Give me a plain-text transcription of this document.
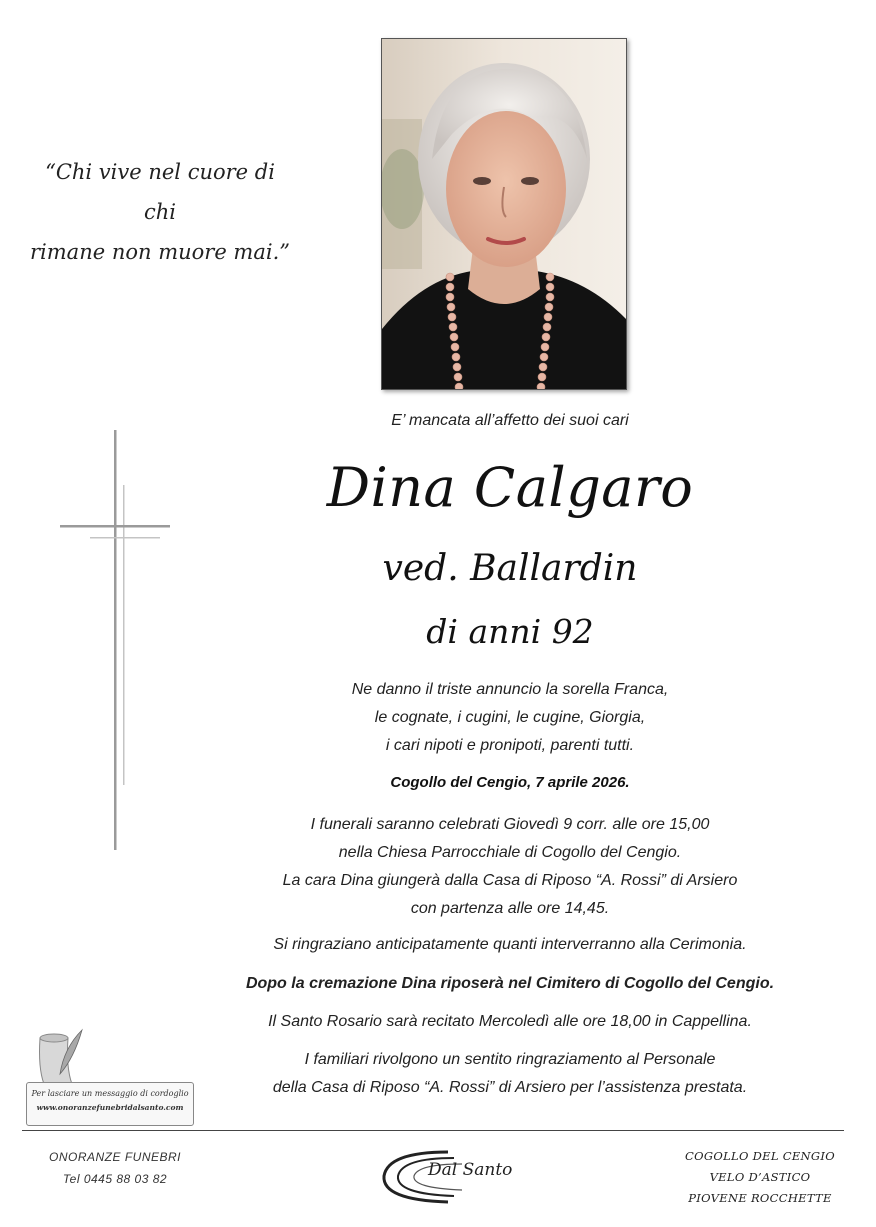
“Chi vive nel cuore di chi
rimane non muore mai.”
E’ mancata all’affetto dei suoi cari
Dina Calgaro
ved. Ballardin
di anni 92
Ne danno il triste annuncio la sorella Franca,
le cognate, i cugini, le cugine, Giorgia,
i cari nipoti e pronipoti, parenti tutti.
Cogollo del Cengio, 7 aprile 2026.
I funerali saranno celebrati Giovedì 9 corr. alle ore 15,00
nella Chiesa Parrocchiale di Cogollo del Cengio.
La cara Dina giungerà dalla Casa di Riposo “A. Rossi” di Arsiero
con partenza alle ore 14,45.
Si ringraziano anticipatamente quanti interverranno alla Cerimonia.
Dopo la cremazione Dina riposerà nel Cimitero di Cogollo del Cengio.
Il Santo Rosario sarà recitato Mercoledì alle ore 18,00 in Cappellina.
I familiari rivolgono un sentito ringraziamento al Personale
della Casa di Riposo “A. Rossi” di Arsiero per l’assistenza prestata.
Per lasciare un messaggio di cordoglio
www.onoranzefunebridalsanto.com
ONORANZE FUNEBRI
Tel 0445 88 03 82	Dal Santo
COGOLLO DEL CENGIO
VELO D’ASTICO
PIOVENE ROCCHETTE
